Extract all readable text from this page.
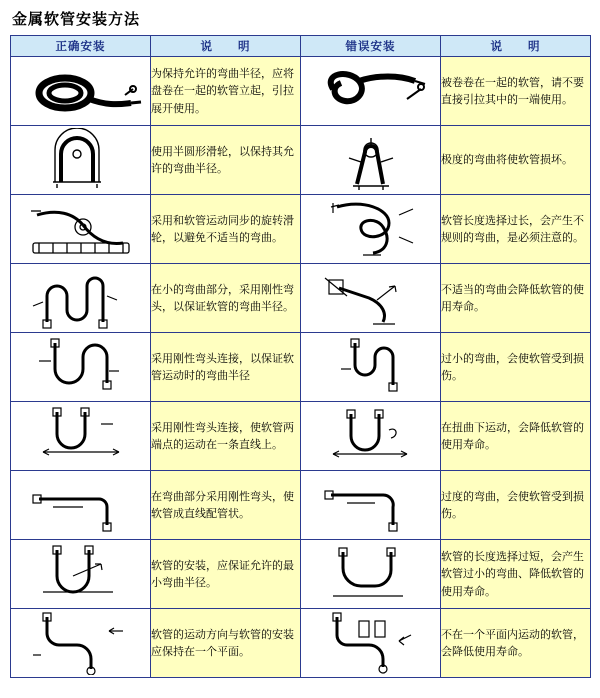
金属软管安装方法
正确安装	说　　明	错误安装	说　　明

	为保持允许的弯曲半径，应将盘卷在一起的软管立起，引拉展开使用。		被卷卷在一起的软管，请不要直接引拉其中的一端使用。

	使用半圆形滑轮，以保持其允许的弯曲半径。		极度的弯曲将使软管损坏。

	采用和软管运动同步的旋转滑轮，以避免不适当的弯曲。		软管长度选择过长，会产生不规则的弯曲，是必须注意的。

	在小的弯曲部分，采用刚性弯头，以保证软管的弯曲半径。		不适当的弯曲会降低软管的使用寿命。

	采用刚性弯头连接，以保证软管运动时的弯曲半径		过小的弯曲，会使软管受到损伤。

	采用刚性弯头连接，使软管两端点的运动在一条直线上。		在扭曲下运动，会降低软管的使用寿命。

	在弯曲部分采用刚性弯头，使软管成直线配管状。		过度的弯曲，会使软管受到损伤。

	软管的安装，应保证允许的最小弯曲半径。		软管的长度选择过短，会产生软管过小的弯曲、降低软管的使用寿命。

	软管的运动方向与软管的安装应保持在一个平面。		不在一个平面内运动的软管，会降低使用寿命。
